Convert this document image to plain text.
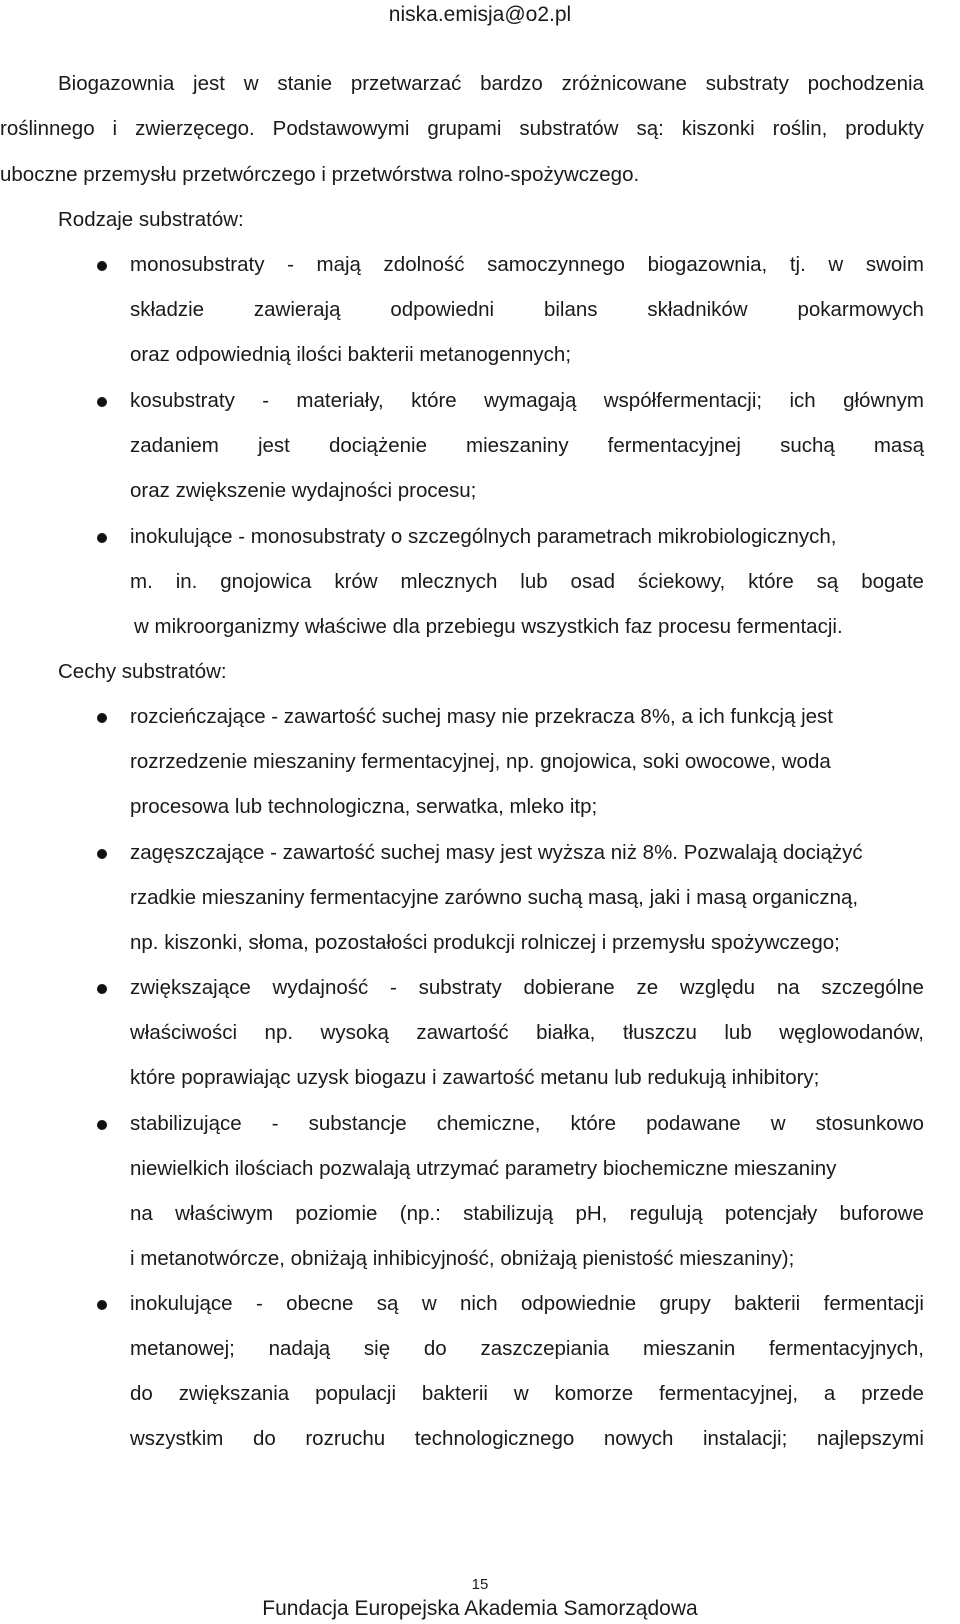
niska.emisja@o2.pl
Biogazownia jest w stanie przetwarzać bardzo zróżnicowane substraty pochodzenia
roślinnego i zwierzęcego. Podstawowymi grupami substratów są: kiszonki roślin, produkty
uboczne przemysłu przetwórczego i przetwórstwa rolno-spożywczego.
Rodzaje substratów:
monosubstraty - mają zdolność samoczynnego biogazownia, tj. w swoim
składzie zawierają odpowiedni bilans składników pokarmowych
oraz odpowiednią ilości bakterii metanogennych;
kosubstraty - materiały, które wymagają współfermentacji; ich głównym
zadaniem jest dociążenie mieszaniny fermentacyjnej suchą masą
oraz zwiększenie wydajności procesu;
inokulujące - monosubstraty o szczególnych parametrach mikrobiologicznych,
m. in. gnojowica krów mlecznych lub osad ściekowy, które są bogate
w mikroorganizmy właściwe dla przebiegu wszystkich faz procesu fermentacji.
Cechy substratów:
rozcieńczające - zawartość suchej masy nie przekracza 8%, a ich funkcją jest
rozrzedzenie mieszaniny fermentacyjnej, np. gnojowica, soki owocowe, woda
procesowa lub technologiczna, serwatka, mleko itp;
zagęszczające - zawartość suchej masy jest wyższa niż 8%. Pozwalają dociążyć
rzadkie mieszaniny fermentacyjne zarówno suchą masą, jaki i masą organiczną,
np. kiszonki, słoma, pozostałości produkcji rolniczej i przemysłu spożywczego;
zwiększające wydajność - substraty dobierane ze względu na szczególne
właściwości np. wysoką zawartość białka, tłuszczu lub węglowodanów,
które poprawiając uzysk biogazu i zawartość metanu lub redukują inhibitory;
stabilizujące - substancje chemiczne, które podawane w stosunkowo
niewielkich ilościach pozwalają utrzymać parametry biochemiczne mieszaniny
na właściwym poziomie (np.: stabilizują pH, regulują potencjały buforowe
i metanotwórcze, obniżają inhibicyjność, obniżają pienistość mieszaniny);
inokulujące - obecne są w nich odpowiednie grupy bakterii fermentacji
metanowej; nadają się do zaszczepiania mieszanin fermentacyjnych,
do zwiększania populacji bakterii w komorze fermentacyjnej, a przede
wszystkim do rozruchu technologicznego nowych instalacji; najlepszymi
15
Fundacja Europejska Akademia Samorządowa
